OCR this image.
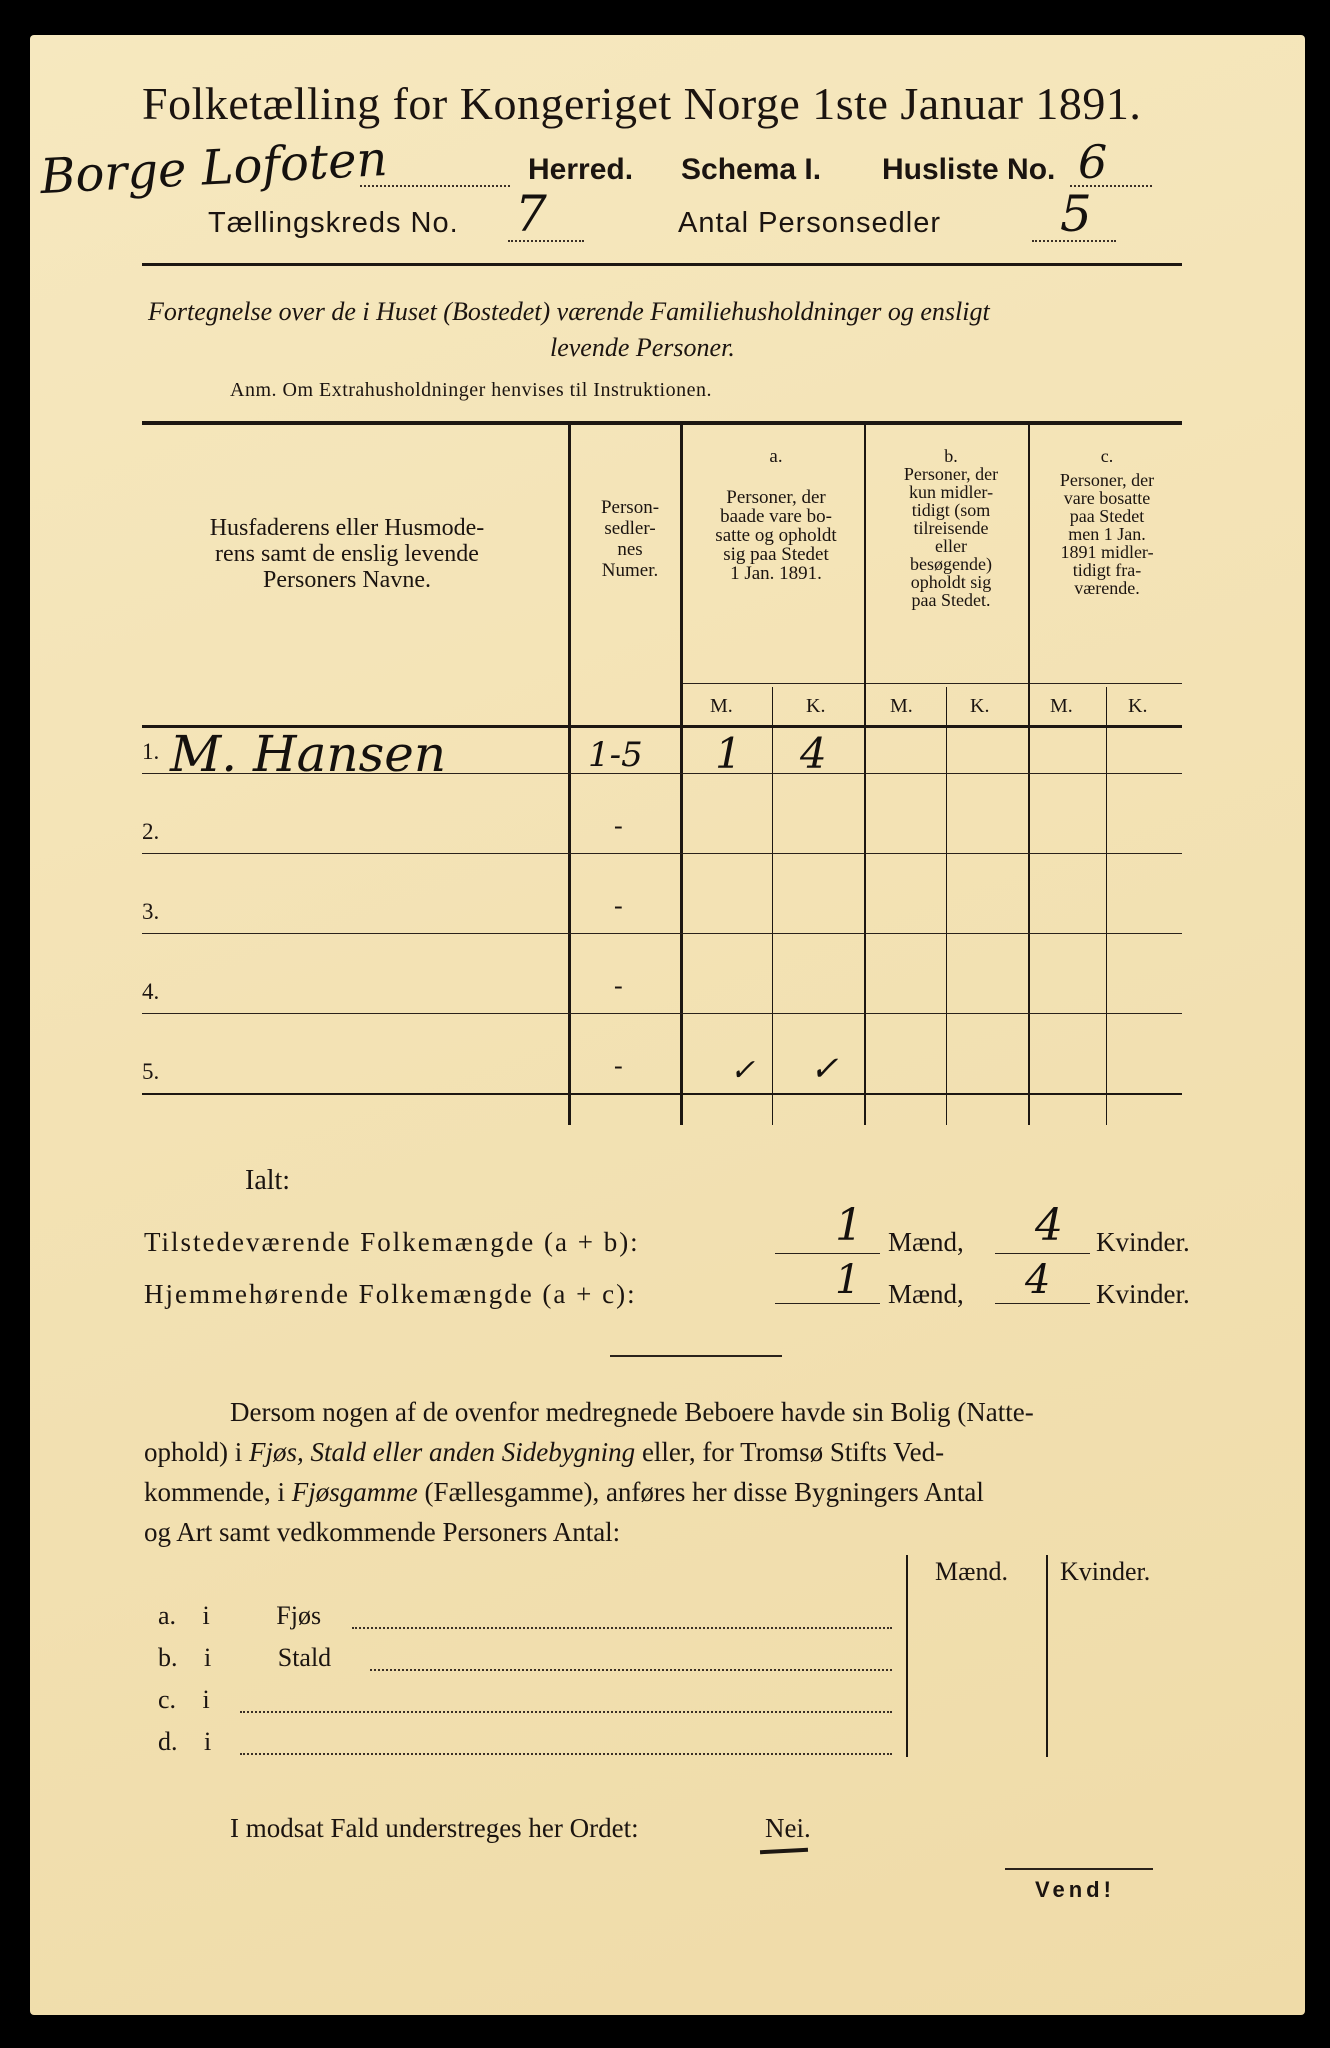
Folketælling for Kongeriget Norge 1ste Januar 1891.
Borge Lofoten	Herred. Schema I. Husliste No. 6
Tællingskreds No. 7	Antal Personsedler 5
Fortegnelse over de i Huset (Bostedet) værende Familiehusholdninger og ensligt
levende Personer.
Anm. Om Extrahusholdninger henvises til Instruktionen.
Husfaderens eller Husmode-
rens samt de enslig levende
Personers Navne.
Person-
sedler-
nes
Numer.
a.
Personer, der
baade vare bo-
satte og opholdt
sig paa Stedet
1 Jan. 1891.
b.
Personer, der
kun midler-
tidigt (som
tilreisende
eller
besøgende)
opholdt sig
paa Stedet.
c.
Personer, der
vare bosatte
paa Stedet
men 1 Jan.
1891 midler-
tidigt fra-
værende.
M.	K.	M.	K.	M.	K.
1. M. Hansen	1-5 1 4
2.	-
3.	-
4.	-
5.	-	✓ ✓
Ialt:
Tilstedeværende Folkemængde (a + b):	1 Mænd, 4 Kvinder.
Hjemmehørende Folkemængde (a + c):	1 Mænd, 4 Kvinder.
Dersom nogen af de ovenfor medregnede Beboere havde sin Bolig (Natte-
ophold) i Fjøs, Stald eller anden Sidebygning eller, for Tromsø Stifts Ved-
kommende, i Fjøsgamme (Fællesgamme), anføres her disse Bygningers Antal
og Art samt vedkommende Personers Antal:
Mænd. Kvinder.
a. i	Fjøs
b. i	Stald
c. i
d. i
I modsat Fald understreges her Ordet:	Nei.
Vend!
